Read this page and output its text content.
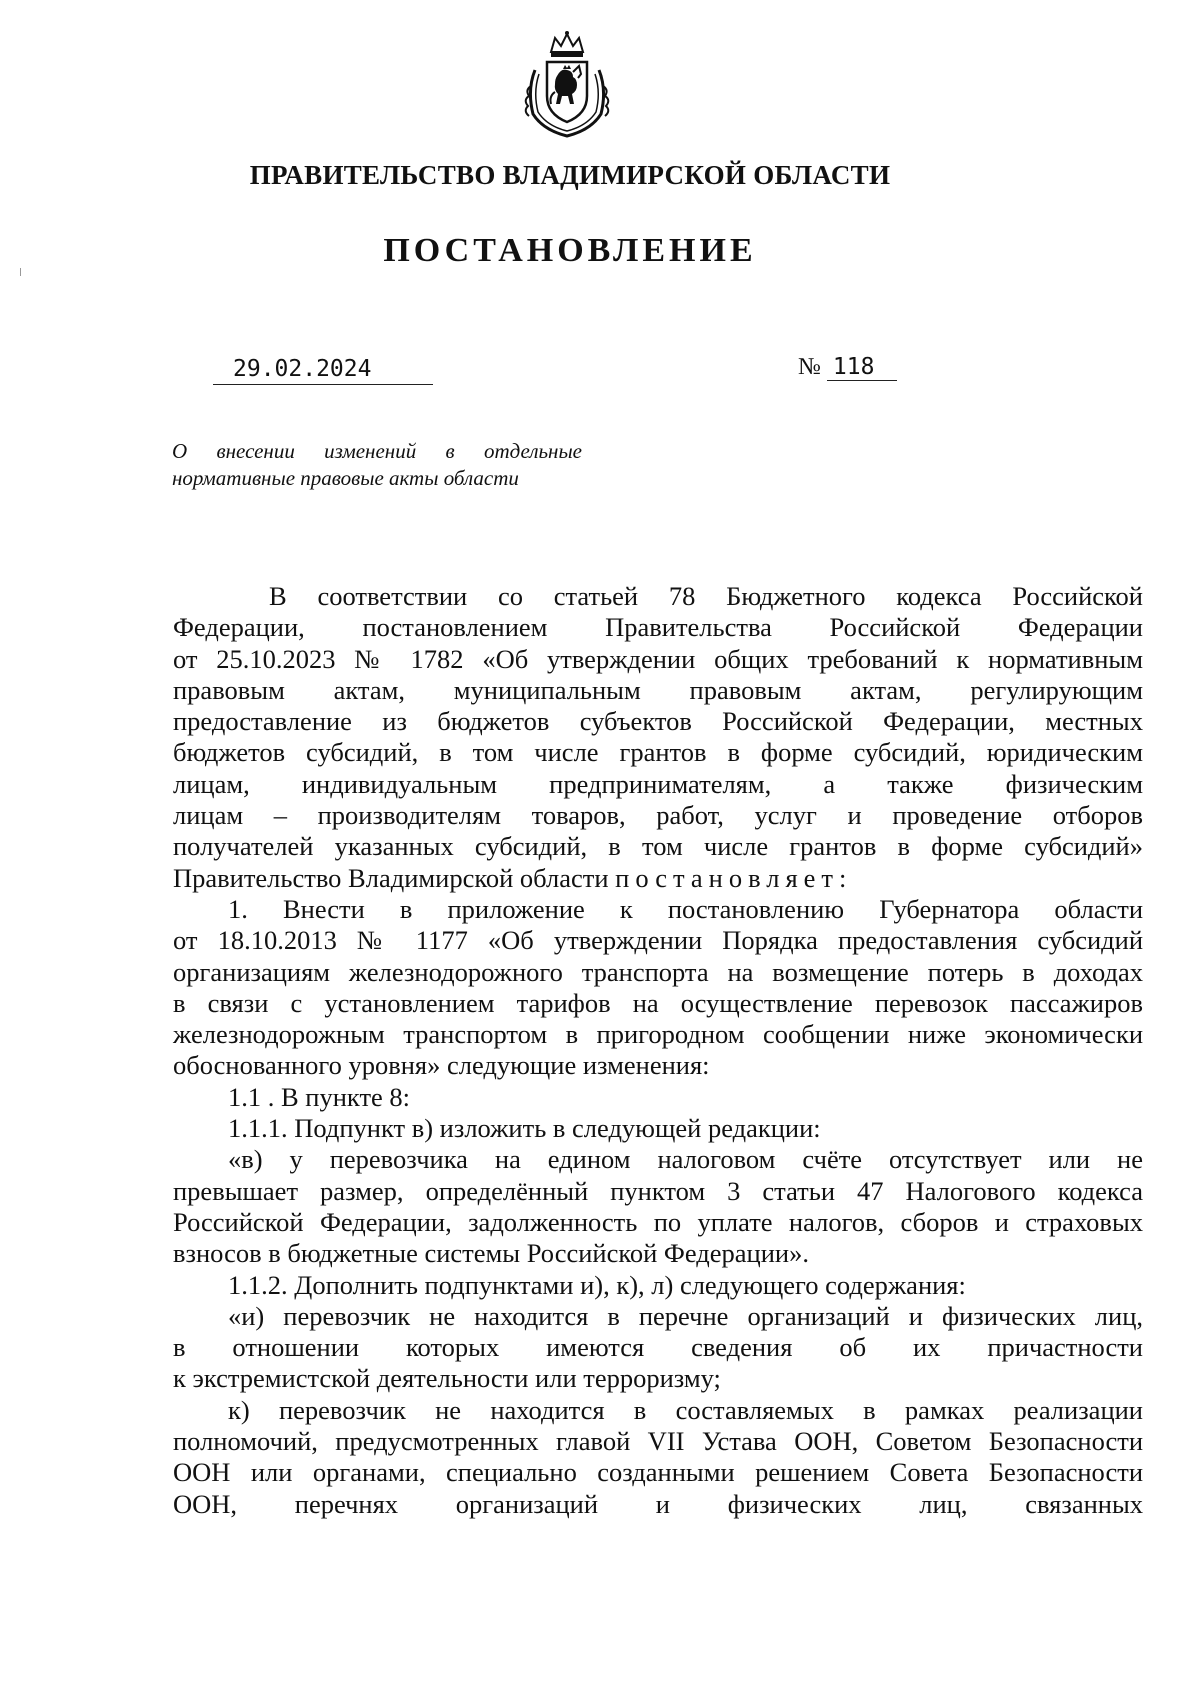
ПРАВИТЕЛЬСТВО ВЛАДИМИРСКОЙ ОБЛАСТИ
ПОСТАНОВЛЕНИЕ
29.02.2024	№ 118
О внесении изменений в отдельные
нормативные правовые акты области

В соответствии со статьей 78 Бюджетного кодекса Российской
Федерации, постановлением Правительства Российской Федерации
от 25.10.2023 № 1782 «Об утверждении общих требований к нормативным
правовым актам, муниципальным правовым актам, регулирующим
предоставление из бюджетов субъектов Российской Федерации, местных
бюджетов субсидий, в том числе грантов в форме субсидий, юридическим
лицам, индивидуальным предпринимателям, а также физическим
лицам – производителям товаров, работ, услуг и проведение отборов
получателей указанных субсидий, в том числе грантов в форме субсидий»
Правительство Владимирской области постановляет:

1. Внести в приложение к постановлению Губернатора области
от 18.10.2013 № 1177 «Об утверждении Порядка предоставления субсидий
организациям железнодорожного транспорта на возмещение потерь в доходах
в связи с установлением тарифов на осуществление перевозок пассажиров
железнодорожным транспортом в пригородном сообщении ниже экономически
обоснованного уровня» следующие изменения:

1.1 . В пункте 8:

1.1.1. Подпункт в) изложить в следующей редакции:

«в) у перевозчика на едином налоговом счёте отсутствует или не
превышает размер, определённый пунктом 3 статьи 47 Налогового кодекса
Российской Федерации, задолженность по уплате налогов, сборов и страховых
взносов в бюджетные системы Российской Федерации».

1.1.2. Дополнить подпунктами и), к), л) следующего содержания:

«и) перевозчик не находится в перечне организаций и физических лиц,
в отношении которых имеются сведения об их причастности
к экстремистской деятельности или терроризму;

к) перевозчик не находится в составляемых в рамках реализации
полномочий, предусмотренных главой VII Устава ООН, Советом Безопасности
ООН или органами, специально созданными решением Совета Безопасности
ООН, перечнях организаций и физических лиц, связанных
